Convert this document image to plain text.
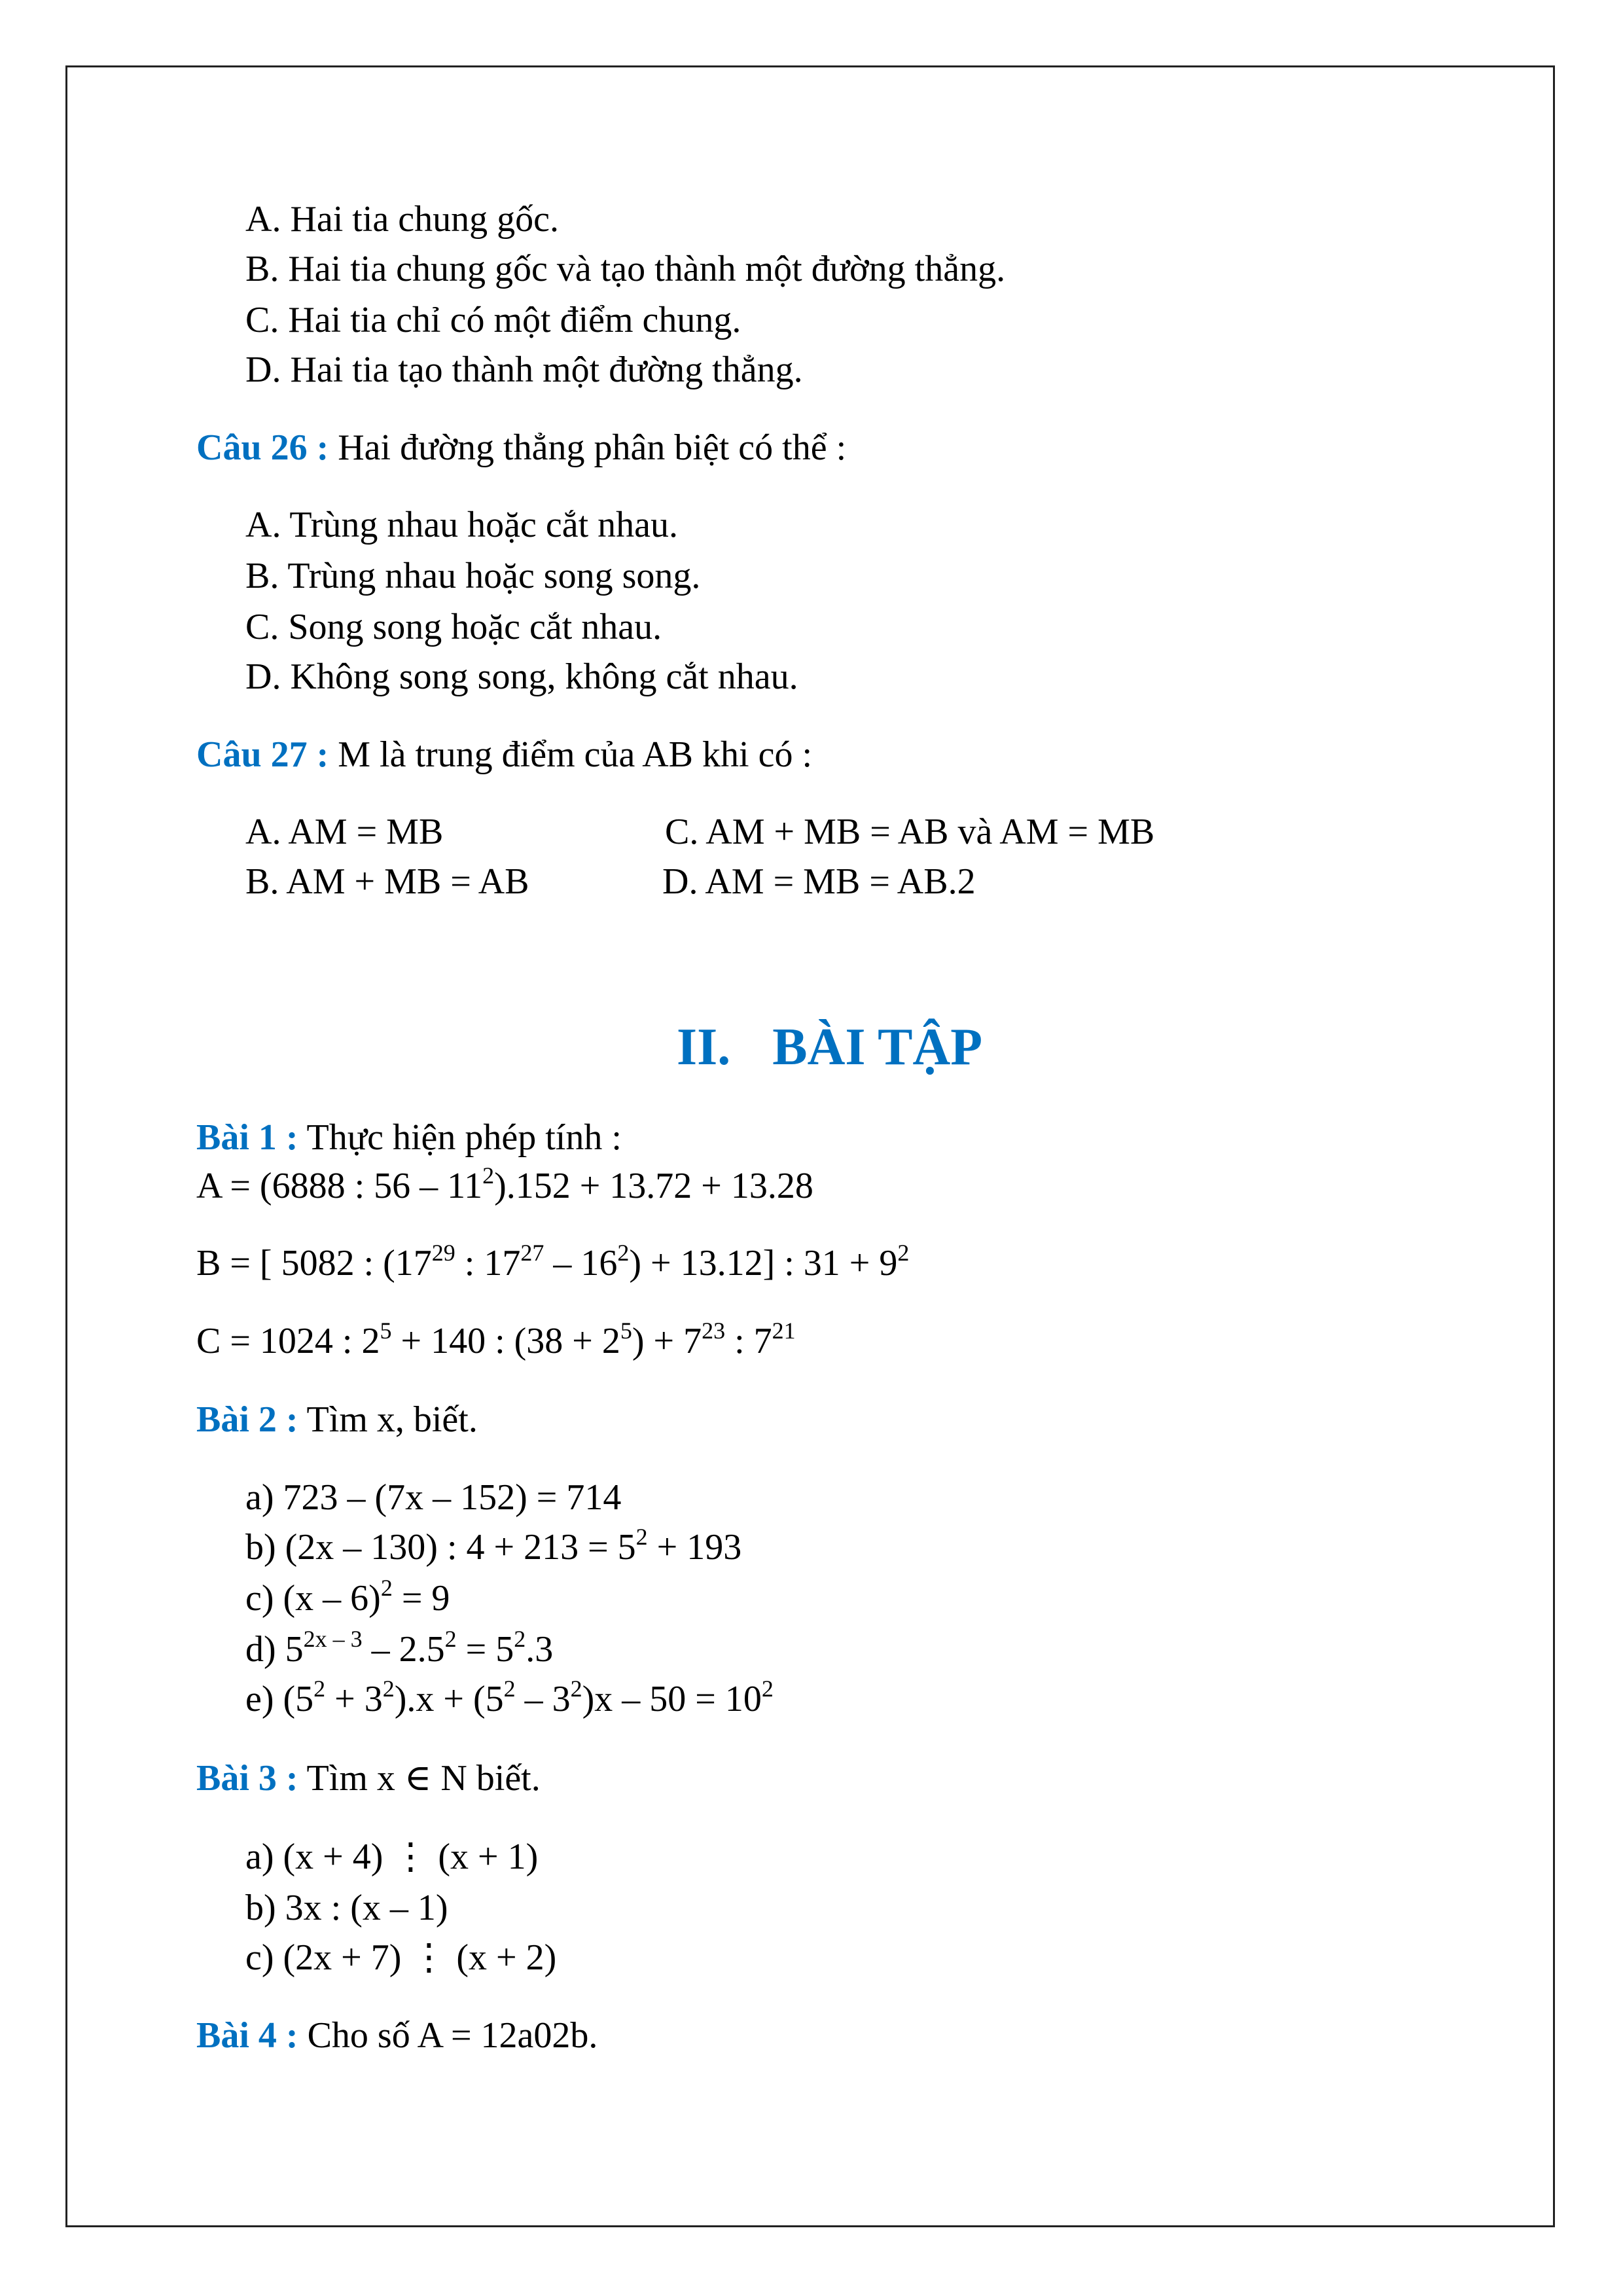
A. Hai tia chung gốc.
B. Hai tia chung gốc và tạo thành một đường thẳng.
C. Hai tia chỉ có một điểm chung.
D. Hai tia tạo thành một đường thẳng.
Câu 26 : Hai đường thẳng phân biệt có thể :
A. Trùng nhau hoặc cắt nhau.
B. Trùng nhau hoặc song song.
C. Song song hoặc cắt nhau.
D. Không song song, không cắt nhau.
Câu 27 : M là trung điểm của AB khi có :
A. AM = MB
B. AM + MB = AB
C. AM + MB = AB và AM = MB
D. AM = MB = AB.2
II. BÀI TẬP
Bài 1 : Thực hiện phép tính :
A = (6888 : $56 - 11^2).152 + 13.72 + 13.28$
B = [ 5082 : ($17^{29}$ : $17^{27} - 16^2) + 13.12$] : $31 + 9^2$
C = 1024 : $2^5 + 140$ : $(38 + 2^5) + 7^{23}$ : $7^{21}$
Bài 2 : Tìm x, biết.
a) 723 – (7x – 152) = 714
b) (2x – 130) : $4 + 213 = 5^2 + 193$
c) (x – 6)$^2$ = 9
d) $5^{2x - 3} - 2.5^2 = 5^2.3$
e) $(5^2 + 3^2).x + (5^2 - 3^2)x - 50 = 10^2$
Bài 3 : Tìm x ∈ N biết.
a) (x + 4) ⋮ (x + 1)
b) 3x : (x – 1)
c) (2x + 7) ⋮ (x + 2)
Bài 4 : Cho số A = 12a02b.
